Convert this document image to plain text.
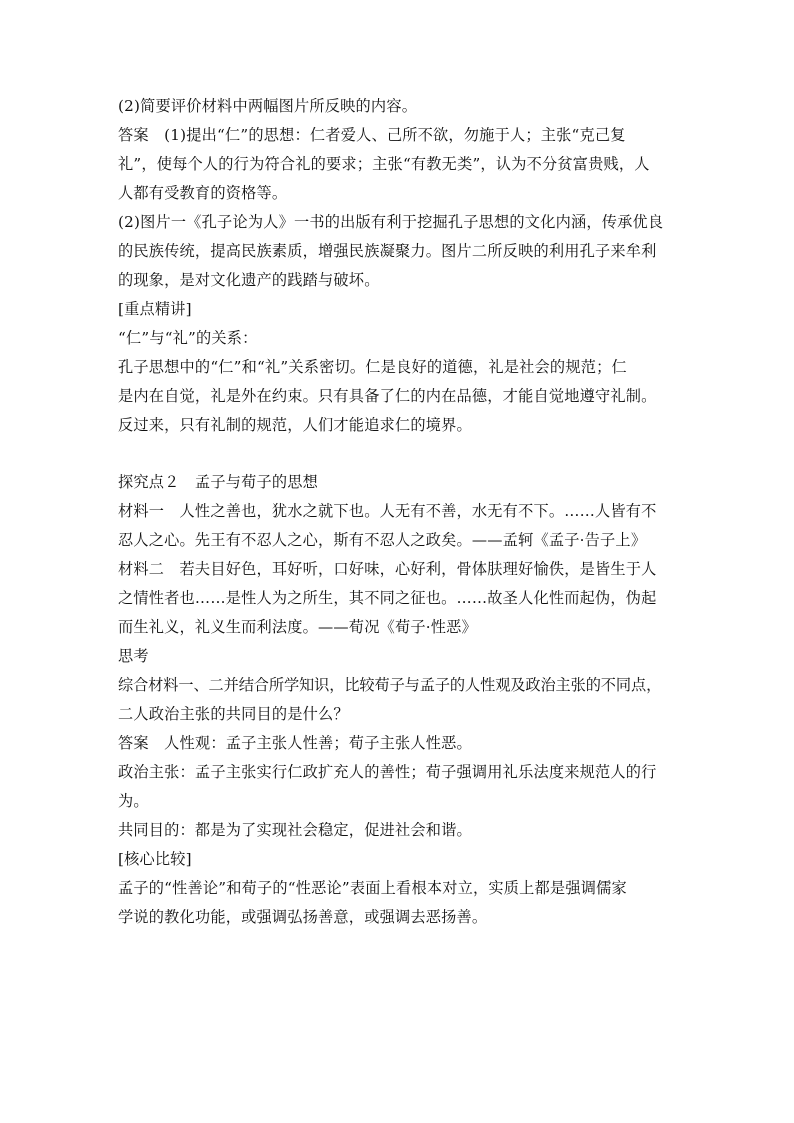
(2)简要评价材料中两幅图片所反映的内容。
答案　(1)提出“仁”的思想：仁者爱人、己所不欲，勿施于人；主张“克己复
礼”，使每个人的行为符合礼的要求；主张“有教无类”，认为不分贫富贵贱，人
人都有受教育的资格等。
(2)图片一《孔子论为人》一书的出版有利于挖掘孔子思想的文化内涵，传承优良
的民族传统，提高民族素质，增强民族凝聚力。图片二所反映的利用孔子来牟利
的现象，是对文化遗产的践踏与破坏。
[重点精讲]
“仁”与“礼”的关系：
孔子思想中的“仁”和“礼”关系密切。仁是良好的道德，礼是社会的规范；仁
是内在自觉，礼是外在约束。只有具备了仁的内在品德，才能自觉地遵守礼制。
反过来，只有礼制的规范，人们才能追求仁的境界。
探究点２　孟子与荀子的思想
材料一　人性之善也，犹水之就下也。人无有不善，水无有不下。……人皆有不
忍人之心。先王有不忍人之心，斯有不忍人之政矣。——孟轲《孟子·告子上》
材料二　若夫目好色，耳好听，口好味，心好利，骨体肤理好愉佚，是皆生于人
之情性者也……是性人为之所生，其不同之征也。……故圣人化性而起伪，伪起
而生礼义，礼义生而利法度。——荀况《荀子·性恶》
思考
综合材料一、二并结合所学知识，比较荀子与孟子的人性观及政治主张的不同点，
二人政治主张的共同目的是什么？
答案　人性观：孟子主张人性善；荀子主张人性恶。
政治主张：孟子主张实行仁政扩充人的善性；荀子强调用礼乐法度来规范人的行
为。
共同目的：都是为了实现社会稳定，促进社会和谐。
[核心比较]
孟子的“性善论”和荀子的“性恶论”表面上看根本对立，实质上都是强调儒家
学说的教化功能，或强调弘扬善意，或强调去恶扬善。
